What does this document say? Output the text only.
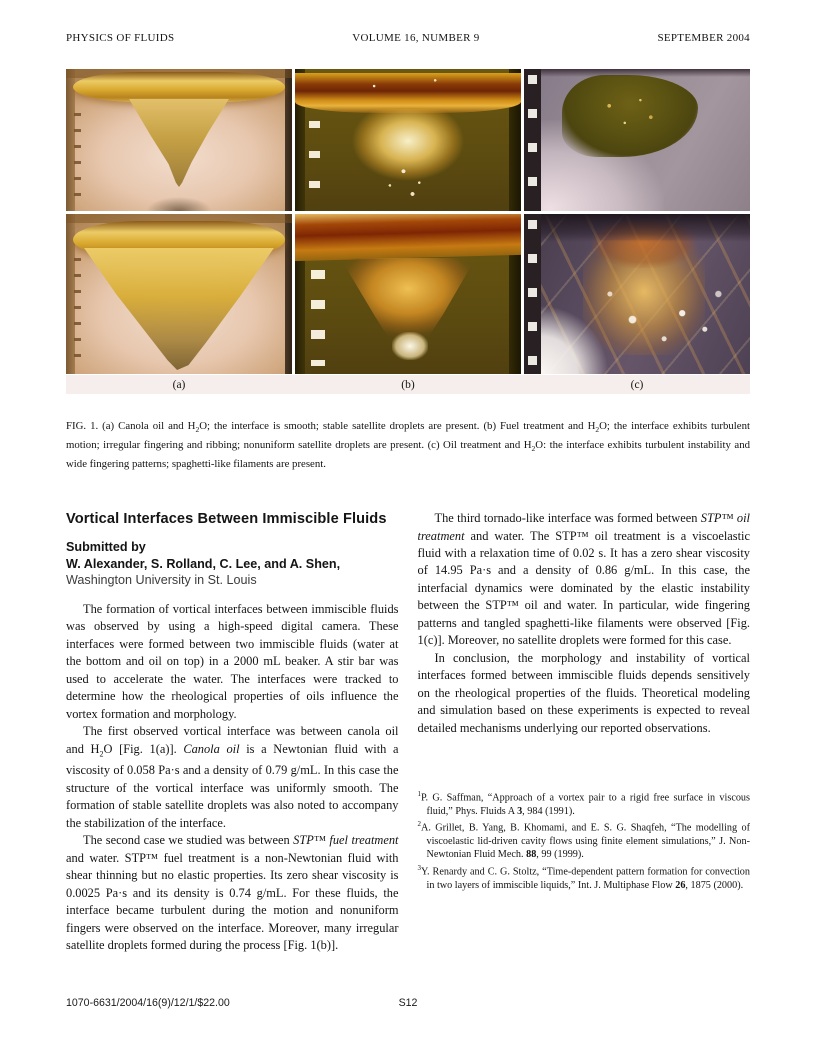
PHYSICS OF FLUIDS	VOLUME 16, NUMBER 9	SEPTEMBER 2004
(a)	(b)	(c)

FIG. 1. (a) Canola oil and $H_2O$; the interface is smooth; stable satellite droplets are present. (b) Fuel treatment and $H_2O$; the interface exhibits turbulent motion; irregular fingering and ribbing; nonuniform satellite droplets are present. (c) Oil treatment and $H_2O$: the interface exhibits turbulent instability and wide fingering patterns; spaghetti-like filaments are present.

Vortical Interfaces Between Immiscible Fluids
Submitted by
W. Alexander, S. Rolland, C. Lee, and A. Shen,
Washington University in St. Louis

The formation of vortical interfaces between immiscible fluids was observed by using a high-speed digital camera. These interfaces were formed between two immiscible fluids (water at the bottom and oil on top) in a 2000 mL beaker. A stir bar was used to accelerate the water. The interfaces were tracked to determine how the rheological properties of oils influence the vortex formation and morphology.

The first observed vortical interface was between canola oil and $H_2O$ [Fig. 1(a)]. Canola oil is a Newtonian fluid with a viscosity of 0.058 Pa·s and a density of 0.79 g/mL. In this case the structure of the vortical interface was uniformly smooth. The formation of stable satellite droplets was also noted to accompany the stabilization of the interface.

The second case we studied was between STP™ fuel treatment and water. STP™ fuel treatment is a non-Newtonian fluid with shear thinning but no elastic properties. Its zero shear viscosity is 0.0025 Pa·s and its density is 0.74 g/mL. For these fluids, the interface became turbulent during the motion and nonuniform fingers were observed on the interface. Moreover, many irregular satellite droplets formed during the process [Fig. 1(b)].

The third tornado-like interface was formed between STP™ oil treatment and water. The STP™ oil treatment is a viscoelastic fluid with a relaxation time of 0.02 s. It has a zero shear viscosity of 14.95 Pa·s and a density of 0.86 g/mL. In this case, the interfacial dynamics were dominated by the elastic instability between the STP™ oil and water. In particular, wide fingering patterns and tangled spaghetti-like filaments were observed [Fig. 1(c)]. Moreover, no satellite droplets were formed for this case.

In conclusion, the morphology and instability of vortical interfaces formed between immiscible fluids depends sensitively on the rheological properties of the fluids. Theoretical modeling and simulation based on these experiments is expected to reveal detailed mechanisms underlying our reported observations.

$^1$P. G. Saffman, “Approach of a vortex pair to a rigid free surface in viscous fluid,” Phys. Fluids A 3, 984 (1991).

$^2$A. Grillet, B. Yang, B. Khomami, and E. S. G. Shaqfeh, “The modelling of viscoelastic lid-driven cavity flows using finite element simulations,” J. Non-Newtonian Fluid Mech. 88, 99 (1999).

$^3$Y. Renardy and C. G. Stoltz, “Time-dependent pattern formation for convection in two layers of immiscible liquids,” Int. J. Multiphase Flow 26, 1875 (2000).

1070-6631/2004/16(9)/12/1/$22.00	S12
